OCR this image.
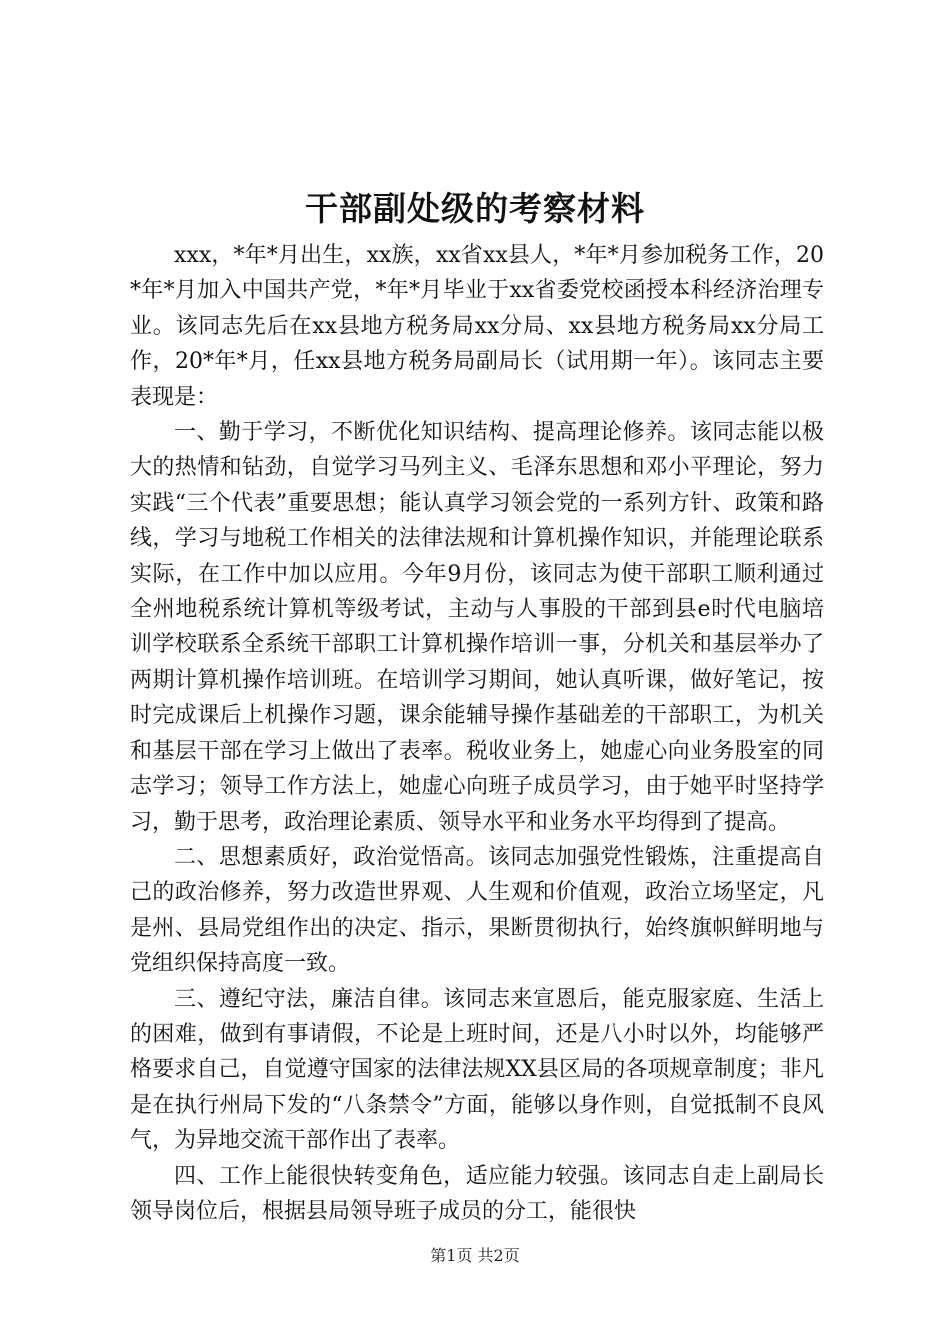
干部副处级的考察材料

xxx，*年*月出生，xx族，xx省xx县人，*年*月参加税务工作，20*年*月加入中国共产党，*年*月毕业于xx省委党校函授本科经济治理专业。该同志先后在xx县地方税务局xx分局、xx县地方税务局xx分局工作，20*年*月，任xx县地方税务局副局长（试用期一年）。该同志主要表现是：

一、勤于学习，不断优化知识结构、提高理论修养。该同志能以极大的热情和钻劲，自觉学习马列主义、毛泽东思想和邓小平理论，努力实践“三个代表”重要思想；能认真学习领会党的一系列方针、政策和路线，学习与地税工作相关的法律法规和计算机操作知识，并能理论联系实际，在工作中加以应用。今年9月份，该同志为使干部职工顺利通过全州地税系统计算机等级考试，主动与人事股的干部到县e时代电脑培训学校联系全系统干部职工计算机操作培训一事，分机关和基层举办了两期计算机操作培训班。在培训学习期间，她认真听课，做好笔记，按时完成课后上机操作习题，课余能辅导操作基础差的干部职工，为机关和基层干部在学习上做出了表率。税收业务上，她虚心向业务股室的同志学习；领导工作方法上，她虚心向班子成员学习，由于她平时坚持学习，勤于思考，政治理论素质、领导水平和业务水平均得到了提高。

二、思想素质好，政治觉悟高。该同志加强党性锻炼，注重提高自己的政治修养，努力改造世界观、人生观和价值观，政治立场坚定，凡是州、县局党组作出的决定、指示，果断贯彻执行，始终旗帜鲜明地与党组织保持高度一致。

三、遵纪守法，廉洁自律。该同志来宣恩后，能克服家庭、生活上的困难，做到有事请假，不论是上班时间，还是八小时以外，均能够严格要求自己，自觉遵守国家的法律法规XX县区局的各项规章制度；非凡是在执行州局下发的“八条禁令”方面，能够以身作则，自觉抵制不良风气，为异地交流干部作出了表率。

四、工作上能很快转变角色，适应能力较强。该同志自走上副局长领导岗位后，根据县局领导班子成员的分工，能很快

第1页 共2页
